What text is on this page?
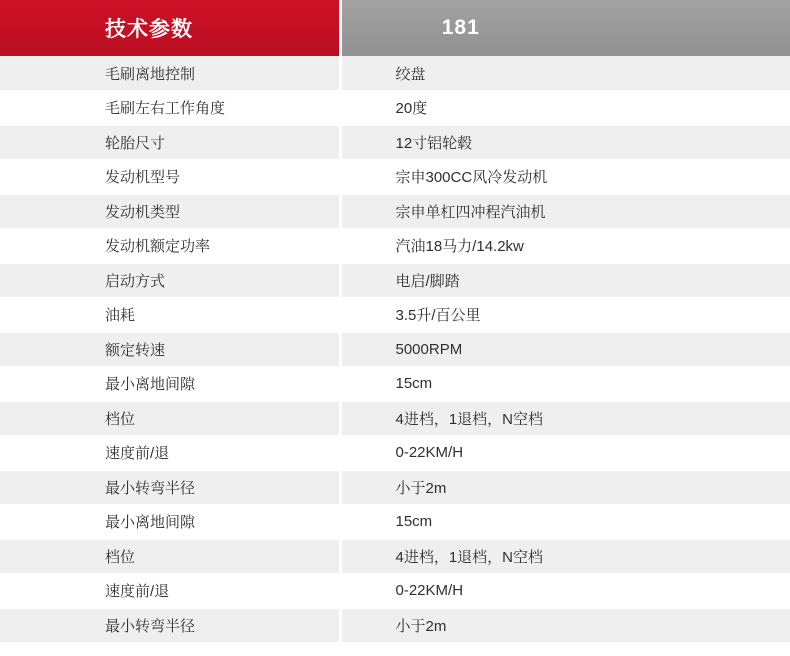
技术参数	181

毛刷离地控制	绞盘
毛刷左右工作角度	20度
轮胎尺寸	12寸铝轮毂
发动机型号	宗申300CC风冷发动机
发动机类型	宗申单杠四冲程汽油机
发动机额定功率	汽油18马力/14.2kw
启动方式	电启/脚踏
油耗	3.5升/百公里
额定转速	5000RPM
最小离地间隙	15cm
档位	4进档，1退档，N空档
速度前/退	0-22KM/H
最小转弯半径	小于2m
最小离地间隙	15cm
档位	4进档，1退档，N空档
速度前/退	0-22KM/H
最小转弯半径	小于2m
